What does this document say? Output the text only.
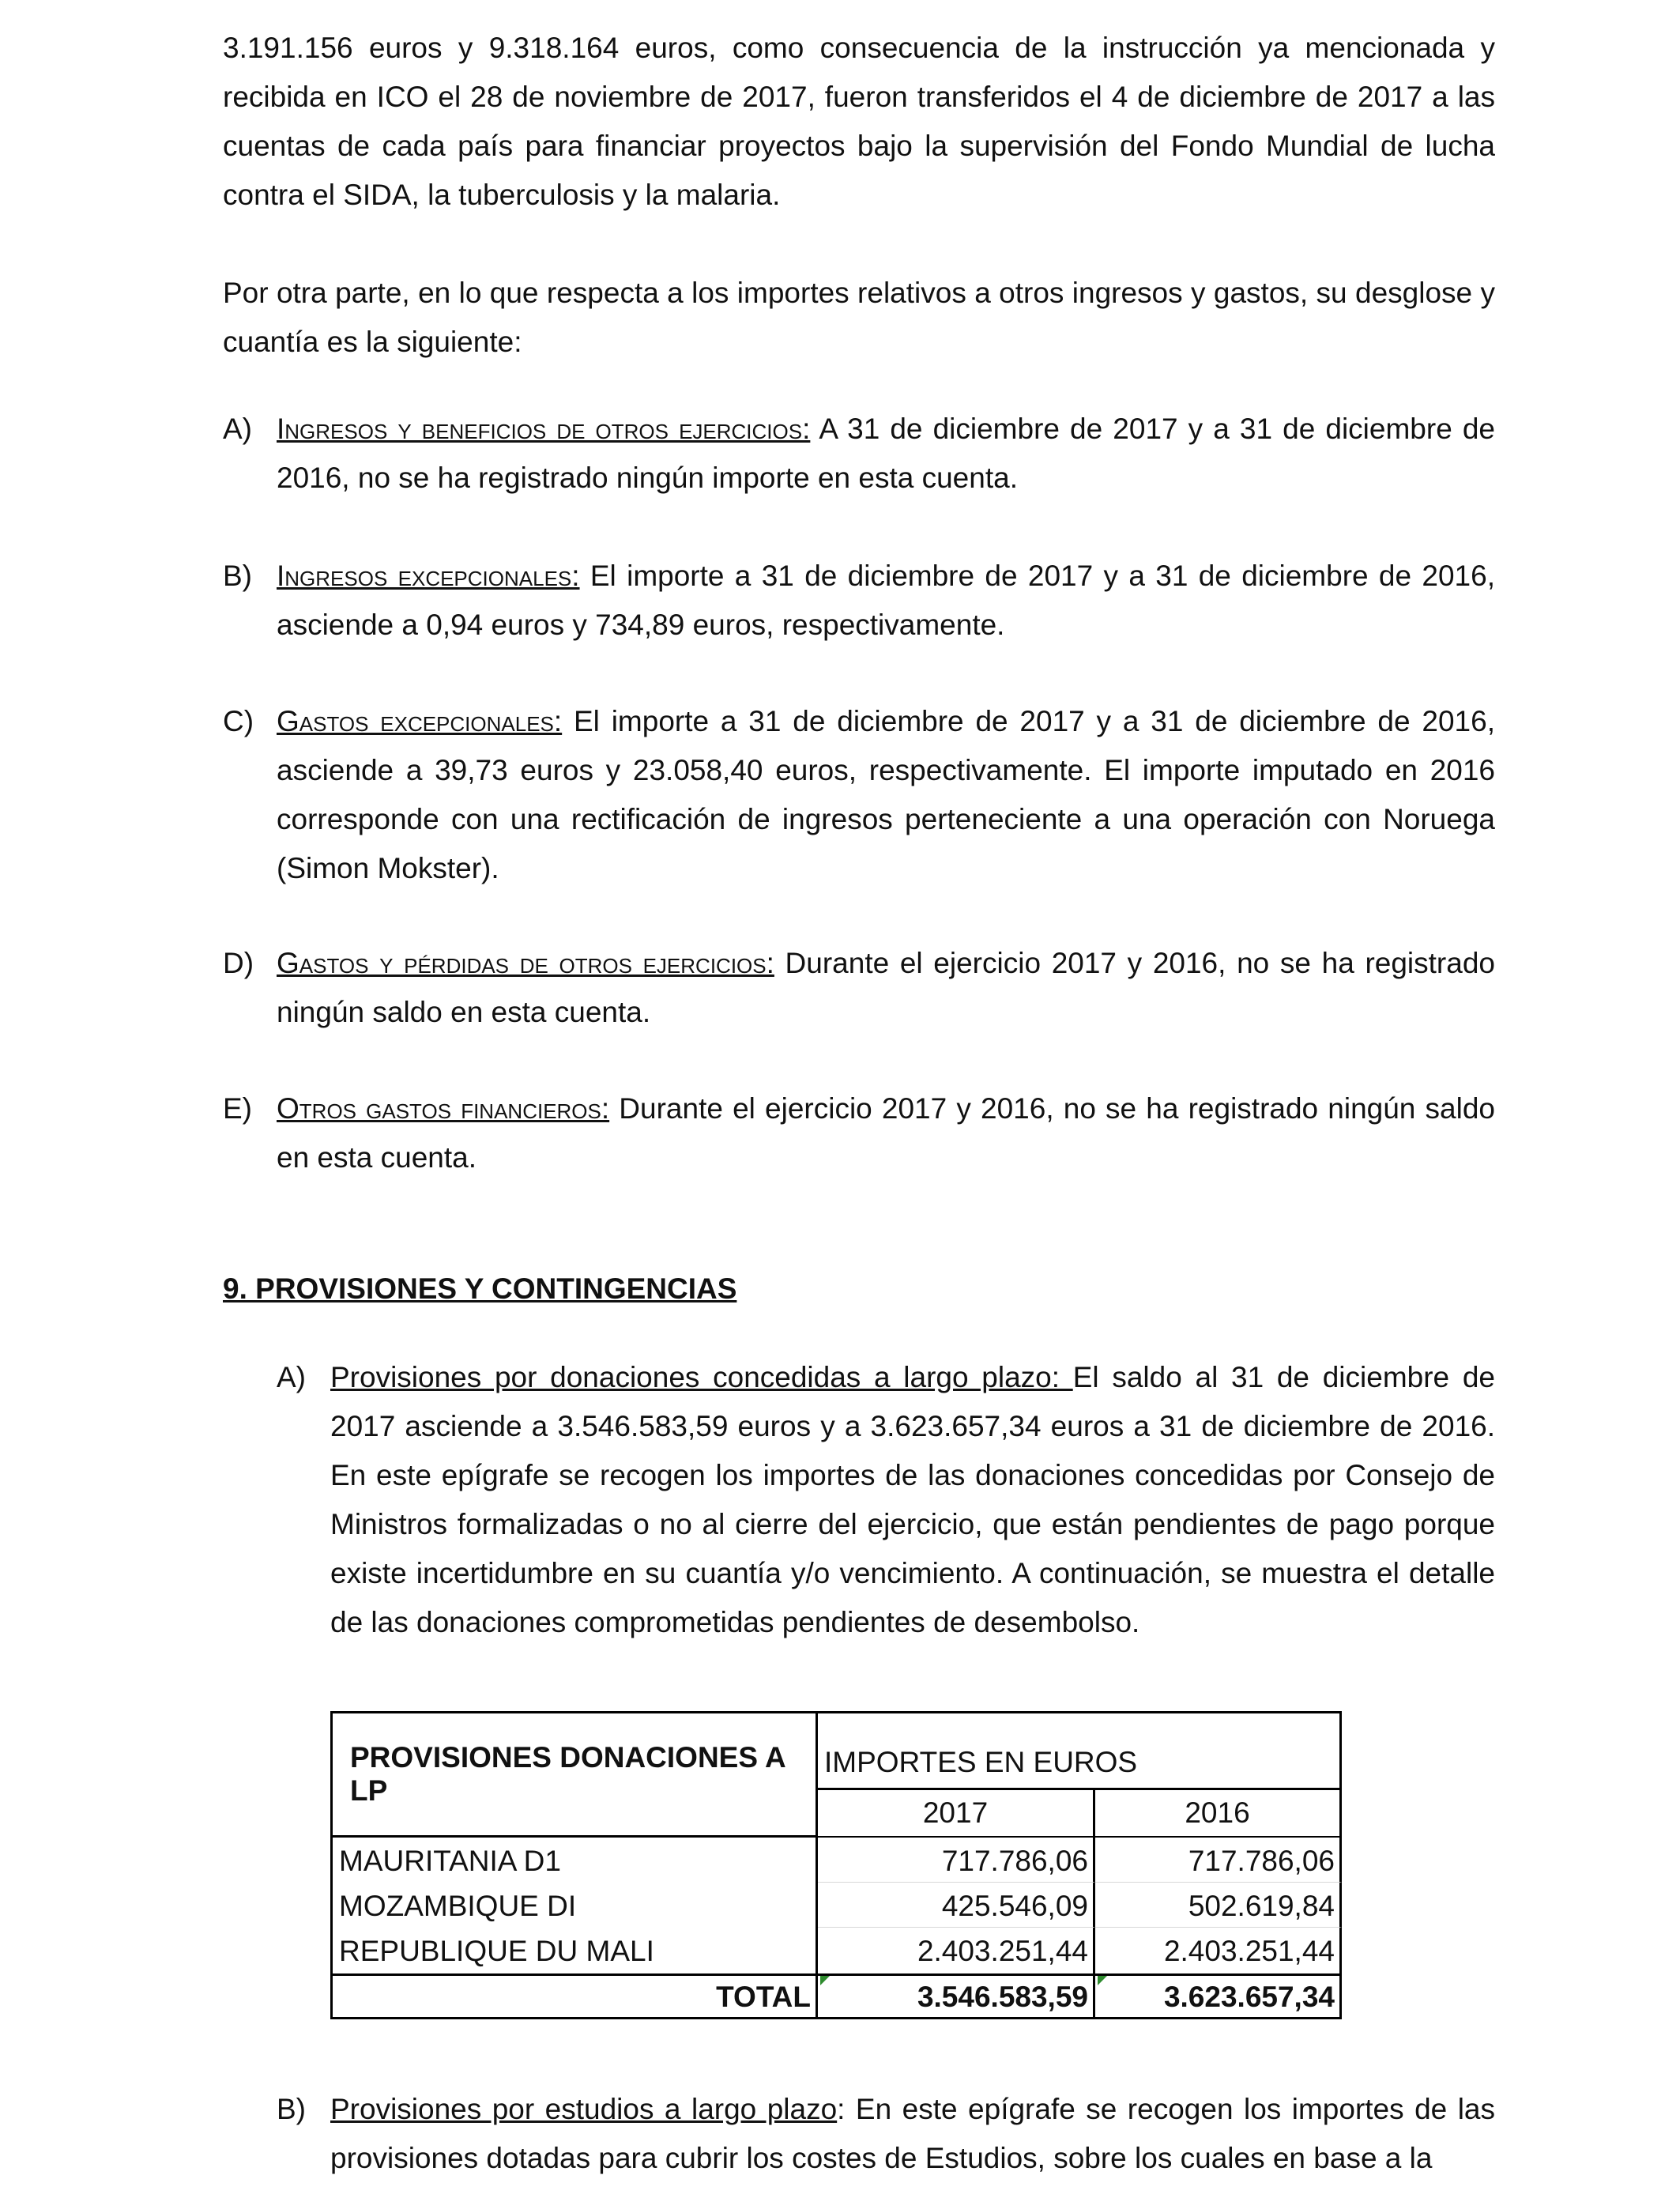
3.191.156 euros y 9.318.164 euros, como consecuencia de la instrucción ya mencionada y recibida en ICO el 28 de noviembre de 2017, fueron transferidos el 4 de diciembre de 2017 a las cuentas de cada país para financiar proyectos bajo la supervisión del Fondo Mundial de lucha contra el SIDA, la tuberculosis y la malaria.

Por otra parte, en lo que respecta a los importes relativos a otros ingresos y gastos, su desglose y cuantía es la siguiente:

A) Ingresos y beneficios de otros ejercicios: A 31 de diciembre de 2017 y a 31 de diciembre de 2016, no se ha registrado ningún importe en esta cuenta.
B) Ingresos excepcionales: El importe a 31 de diciembre de 2017 y a 31 de diciembre de 2016, asciende a 0,94 euros y 734,89 euros, respectivamente.
C) Gastos excepcionales: El importe a 31 de diciembre de 2017 y a 31 de diciembre de 2016, asciende a 39,73 euros y 23.058,40 euros, respectivamente. El importe imputado en 2016 corresponde con una rectificación de ingresos perteneciente a una operación con Noruega (Simon Mokster).
D) Gastos y pérdidas de otros ejercicios: Durante el ejercicio 2017 y 2016, no se ha registrado ningún saldo en esta cuenta.
E) Otros gastos financieros: Durante el ejercicio 2017 y 2016, no se ha registrado ningún saldo en esta cuenta.
9. PROVISIONES Y CONTINGENCIAS
A) Provisiones por donaciones concedidas a largo plazo: El saldo al 31 de diciembre de 2017 asciende a 3.546.583,59 euros y a 3.623.657,34 euros a 31 de diciembre de 2016. En este epígrafe se recogen los importes de las donaciones concedidas por Consejo de Ministros formalizadas o no al cierre del ejercicio, que están pendientes de pago porque existe incertidumbre en su cuantía y/o vencimiento. A continuación, se muestra el detalle de las donaciones comprometidas pendientes de desembolso.
PROVISIONES DONACIONES A LP
IMPORTES EN EUROS
2017	2016
MAURITANIA D1	717.786,06	717.786,06
MOZAMBIQUE DI	425.546,09	502.619,84
REPUBLIQUE DU MALI	2.403.251,44	2.403.251,44
TOTAL	3.546.583,59	3.623.657,34
B) Provisiones por estudios a largo plazo: En este epígrafe se recogen los importes de las provisiones dotadas para cubrir los costes de Estudios, sobre los cuales en base a la
